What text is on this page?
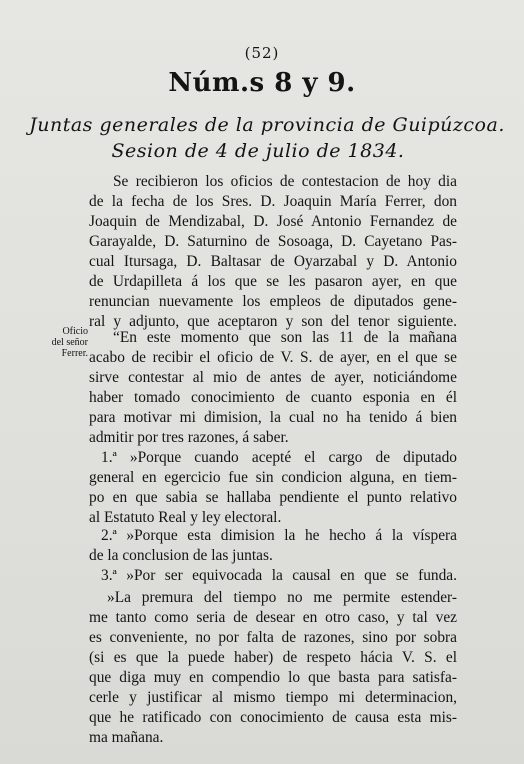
(52)
Núm.s 8 y 9.
Juntas generales de la provincia de Guipúzcoa.
Sesion de 4 de julio de 1834.
Oficio
del señor
Ferrer.
Se recibieron los oficios de contestacion de hoy dia
de la fecha de los Sres. D. Joaquin María Ferrer, don
Joaquin de Mendizabal, D. José Antonio Fernandez de
Garayalde, D. Saturnino de Sosoaga, D. Cayetano Pas-
cual Itursaga, D. Baltasar de Oyarzabal y D. Antonio
de Urdapilleta á los que se les pasaron ayer, en que
renuncian nuevamente los empleos de diputados gene-
ral y adjunto, que aceptaron y son del tenor siguiente.
“En este momento que son las 11 de la mañana
acabo de recibir el oficio de V. S. de ayer, en el que se
sirve contestar al mio de antes de ayer, noticiándome
haber tomado conocimiento de cuanto esponia en él
para motivar mi dimision, la cual no ha tenido á bien
admitir por tres razones, á saber.
1.ª »Porque cuando acepté el cargo de diputado
general en egercicio fue sin condicion alguna, en tiem-
po en que sabia se hallaba pendiente el punto relativo
al Estatuto Real y ley electoral.
2.ª »Porque esta dimision la he hecho á la víspera
de la conclusion de las juntas.
3.ª »Por ser equivocada la causal en que se funda.
»La premura del tiempo no me permite estender-
me tanto como seria de desear en otro caso, y tal vez
es conveniente, no por falta de razones, sino por sobra
(si es que la puede haber) de respeto hácia V. S. el
que diga muy en compendio lo que basta para satisfa-
cerle y justificar al mismo tiempo mi determinacion,
que he ratificado con conocimiento de causa esta mis-
ma mañana.
